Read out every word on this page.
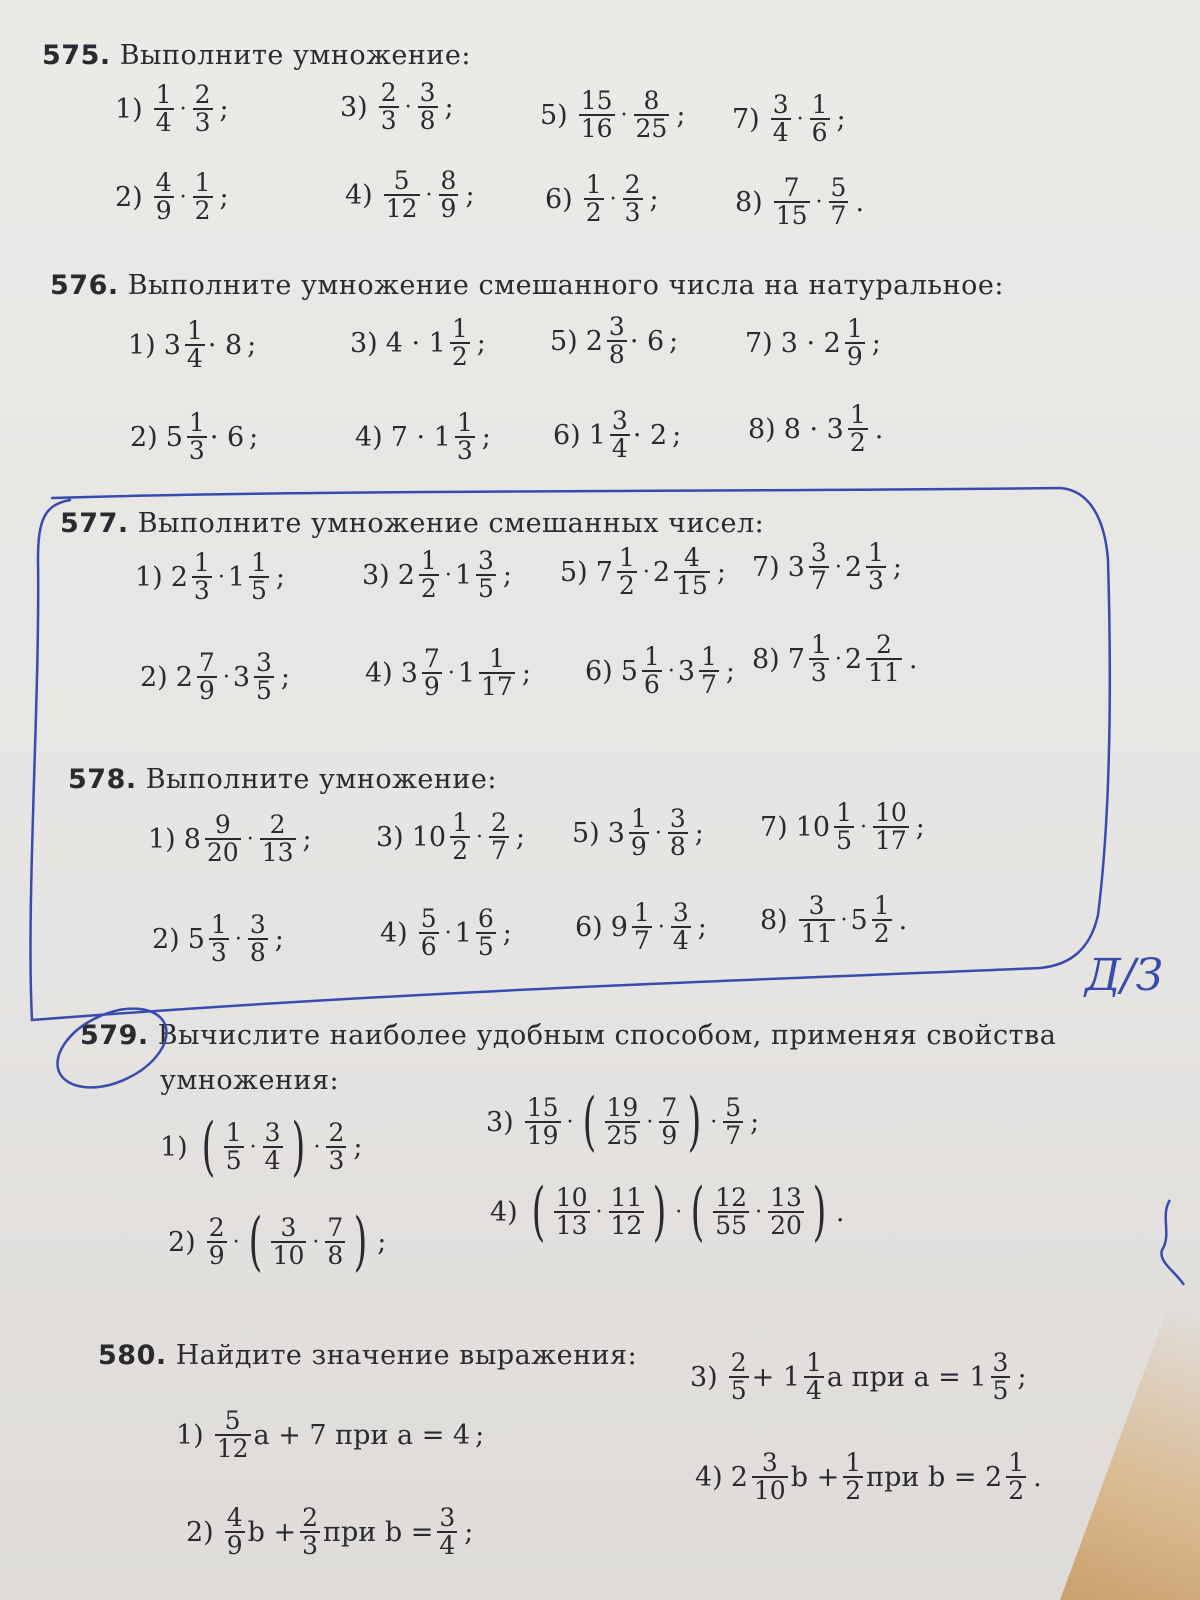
575. Выполните умножение:
$1) \frac{1}{4} \cdot \frac{2}{3}$ ;
$2) \frac{4}{9} \cdot \frac{1}{2}$ ;
$3) \frac{2}{3} \cdot \frac{3}{8}$ ;
$4) \frac{5}{12} \cdot \frac{8}{9}$ ;
$5) \frac{15}{16} \cdot \frac{8}{25}$ ;
$6) \frac{1}{2} \cdot \frac{2}{3}$ ;
$7) \frac{3}{4} \cdot \frac{1}{6}$ ;
$8) \frac{7}{15} \cdot \frac{5}{7}$ .
576. Выполните умножение смешанного числа на натуральное:
1) $3 \frac{1}{4} \cdot 8$ ;
2) $5 \frac{1}{3} \cdot 6$ ;
3) $4 \cdot 1 \frac{1}{2}$ ;
4) $7 \cdot 1 \frac{1}{3}$ ;
5) $2 \frac{3}{8} \cdot 6$ ;
6) $1 \frac{3}{4} \cdot 2$ ;
7) $3 \cdot 2 \frac{1}{9}$ ;
8) $8 \cdot 3 \frac{1}{2}$ .
577. Выполните умножение смешанных чисел:
1) $2 \frac{1}{3} \cdot 1 \frac{1}{5}$ ;
2) $2 \frac{7}{9} \cdot 3 \frac{3}{5}$ ;
3) $2 \frac{1}{2} \cdot 1 \frac{3}{5}$ ;
4) $3 \frac{7}{9} \cdot 1 \frac{1}{17}$ ;
5) $7 \frac{1}{2} \cdot 2 \frac{4}{15}$ ;
6) $5 \frac{1}{6} \cdot 3 \frac{1}{7}$ ;
7) $3 \frac{3}{7} \cdot 2 \frac{1}{3}$ ;
8) $7 \frac{1}{3} \cdot 2 \frac{2}{11}$ .
578. Выполните умножение:
1) $8 \frac{9}{20} \cdot \frac{2}{13}$ ;
2) $5 \frac{1}{3} \cdot \frac{3}{8}$ ;
3) $10 \frac{1}{2} \cdot \frac{2}{7}$ ;
$4) \frac{5}{6} \cdot 1 \frac{6}{5}$ ;
5) $3 \frac{1}{9} \cdot \frac{3}{8}$ ;
6) $9 \frac{1}{7} \cdot \frac{3}{4}$ ;
7) $10 \frac{1}{5} \cdot \frac{10}{17}$ ;
$8) \frac{3}{11} \cdot 5 \frac{1}{2}$ .
579. Вычислите наиболее удобным способом, применяя свойства
умножения:
1) ( $\frac{1}{5} \cdot \frac{3}{4}$ ) · $\frac{2}{3}$ ;
$2) \frac{2}{9}$ · ( $\frac{3}{10} \cdot \frac{7}{8}$ ) ;
$3) \frac{15}{19}$ · ( $\frac{19}{25} \cdot \frac{7}{9}$ ) · $\frac{5}{7}$ ;
4) ( $\frac{10}{13} \cdot \frac{11}{12}$ ) · ( $\frac{12}{55} \cdot \frac{13}{20}$ ) .
580. Найдите значение выражения:
$1) \frac{5}{12}$ a + 7 при a = 4 ;
$2) \frac{4}{9}$ $b + \frac{2}{3}$ при $b = \frac{3}{4}$ ;
$3) \frac{2}{5} + 1 \frac{1}{4}$ a при $a = 1 \frac{3}{5}$ ;
4) $2 \frac{3}{10}$ $b + \frac{1}{2}$ при $b = 2 \frac{1}{2}$ .
Д/З
